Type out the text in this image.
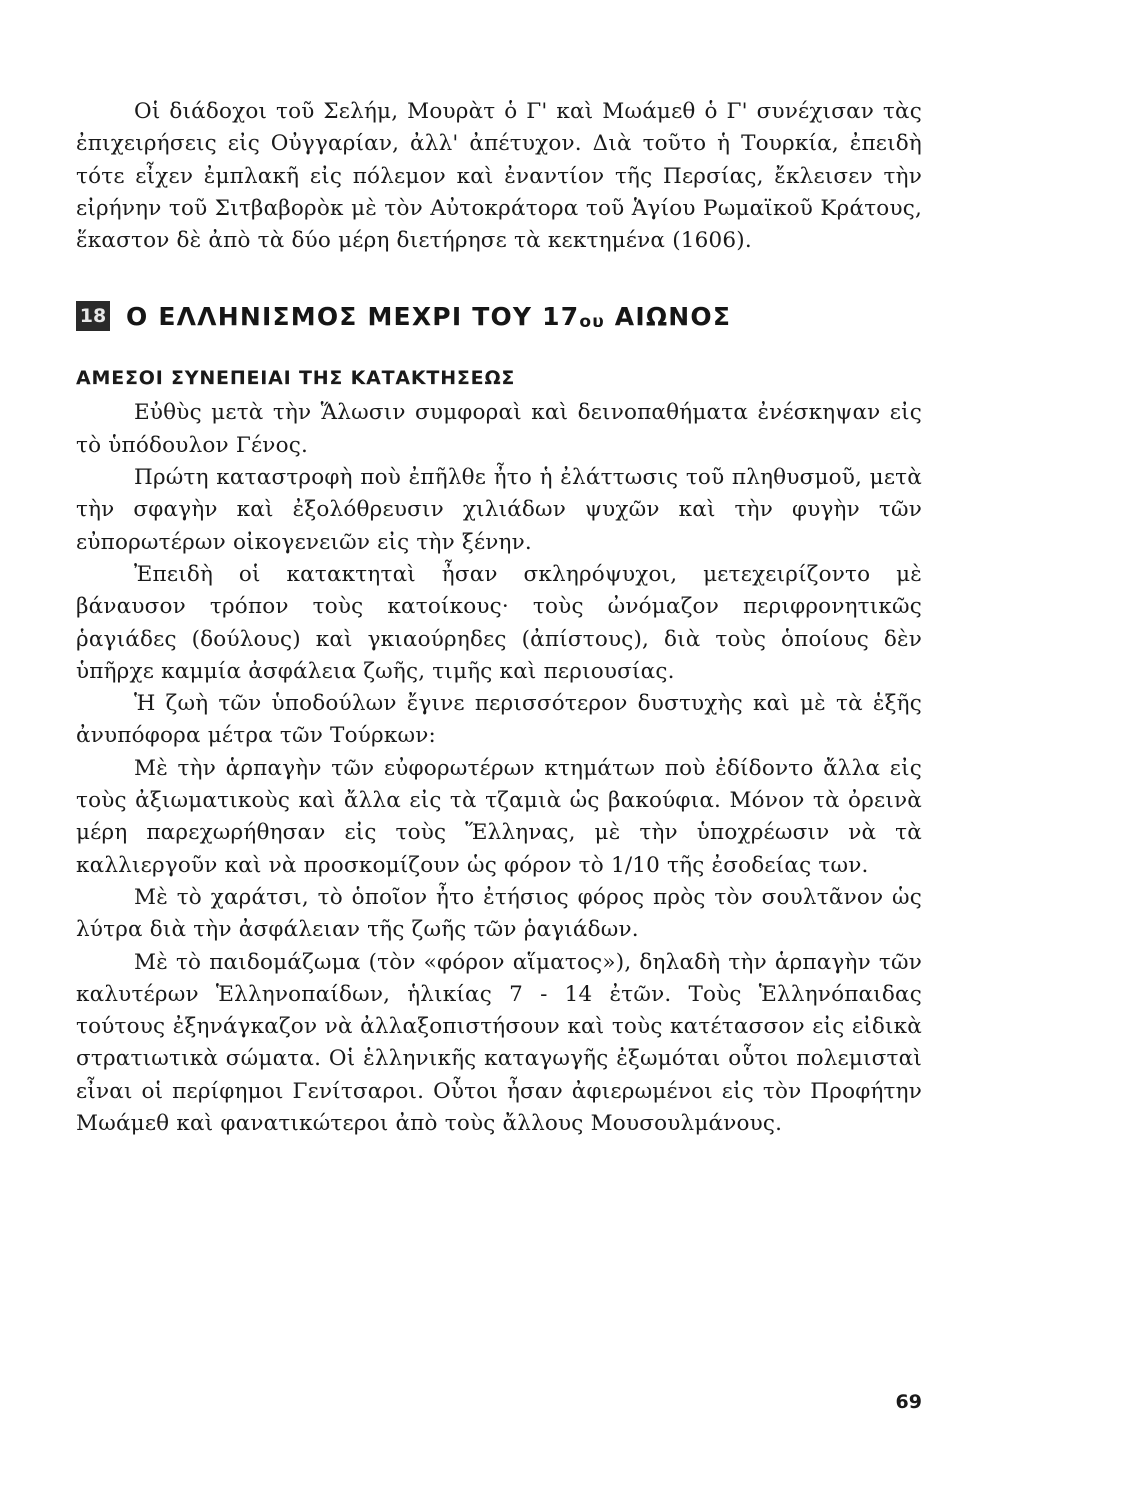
Οἱ διάδοχοι τοῦ Σελήμ, Μουρὰτ ὁ Γ' καὶ Μωάμεθ ὁ Γ' συνέχισαν τὰς ἐπιχειρήσεις εἰς Οὐγγαρίαν, ἀλλ' ἀπέτυχον. Διὰ τοῦτο ἡ Τουρκία, ἐπειδὴ τότε εἶχεν ἐμπλακῆ εἰς πόλεμον καὶ ἐναντίον τῆς Περσίας, ἔκλεισεν τὴν εἰρήνην τοῦ Σιτβαβορὸκ μὲ τὸν Αὐτοκράτορα τοῦ Ἁγίου Ρωμαϊκοῦ Κράτους, ἕκαστον δὲ ἀπὸ τὰ δύο μέρη διετήρησε τὰ κεκτημένα (1606).

18 Ο ΕΛΛΗΝΙΣΜΟΣ ΜΕΧΡΙ ΤΟΥ 17ου ΑΙΩΝΟΣ

ΑΜΕΣΟΙ ΣΥΝΕΠΕΙΑΙ ΤΗΣ ΚΑΤΑΚΤΗΣΕΩΣ

Εὐθὺς μετὰ τὴν Ἅλωσιν συμφοραὶ καὶ δεινοπαθήματα ἐνέσκηψαν εἰς τὸ ὑπόδουλον Γένος.

Πρώτη καταστροφὴ ποὺ ἐπῆλθε ἦτο ἡ ἐλάττωσις τοῦ πληθυσμοῦ, μετὰ τὴν σφαγὴν καὶ ἐξολόθρευσιν χιλιάδων ψυχῶν καὶ τὴν φυγὴν τῶν εὐπορωτέρων οἰκογενειῶν εἰς τὴν ξένην.

Ἐπειδὴ οἱ κατακτηταὶ ἦσαν σκληρόψυχοι, μετεχειρίζοντο μὲ βάναυσον τρόπον τοὺς κατοίκους· τοὺς ὠνόμαζον περιφρονητικῶς ῥαγιάδες (δούλους) καὶ γκιαούρηδες (ἀπίστους), διὰ τοὺς ὁποίους δὲν ὑπῆρχε καμμία ἀσφάλεια ζωῆς, τιμῆς καὶ περιουσίας.

Ἡ ζωὴ τῶν ὑποδούλων ἔγινε περισσότερον δυστυχὴς καὶ μὲ τὰ ἑξῆς ἀνυπόφορα μέτρα τῶν Τούρκων:

Μὲ τὴν ἁρπαγὴν τῶν εὐφορωτέρων κτημάτων ποὺ ἐδίδοντο ἄλλα εἰς τοὺς ἀξιωματικοὺς καὶ ἄλλα εἰς τὰ τζαμιὰ ὡς βακούφια. Μόνον τὰ ὀρεινὰ μέρη παρεχωρήθησαν εἰς τοὺς Ἕλληνας, μὲ τὴν ὑποχρέωσιν νὰ τὰ καλλιεργοῦν καὶ νὰ προσκομίζουν ὡς φόρον τὸ 1/10 τῆς ἐσοδείας των.

Μὲ τὸ χαράτσι, τὸ ὁποῖον ἦτο ἐτήσιος φόρος πρὸς τὸν σουλτᾶνον ὡς λύτρα διὰ τὴν ἀσφάλειαν τῆς ζωῆς τῶν ῥαγιάδων.

Μὲ τὸ παιδομάζωμα (τὸν «φόρον αἵματος»), δηλαδὴ τὴν ἁρπαγὴν τῶν καλυτέρων Ἑλληνοπαίδων, ἡλικίας 7 - 14 ἐτῶν. Τοὺς Ἑλληνόπαιδας τούτους ἐξηνάγκαζον νὰ ἀλλαξοπιστήσουν καὶ τοὺς κατέτασσον εἰς εἰδικὰ στρατιωτικὰ σώματα. Οἱ ἑλληνικῆς καταγωγῆς ἐξωμόται οὗτοι πολεμισταὶ εἶναι οἱ περίφημοι Γενίτσαροι. Οὗτοι ἦσαν ἀφιερωμένοι εἰς τὸν Προφήτην Μωάμεθ καὶ φανατικώτεροι ἀπὸ τοὺς ἄλλους Μουσουλμάνους.

69
